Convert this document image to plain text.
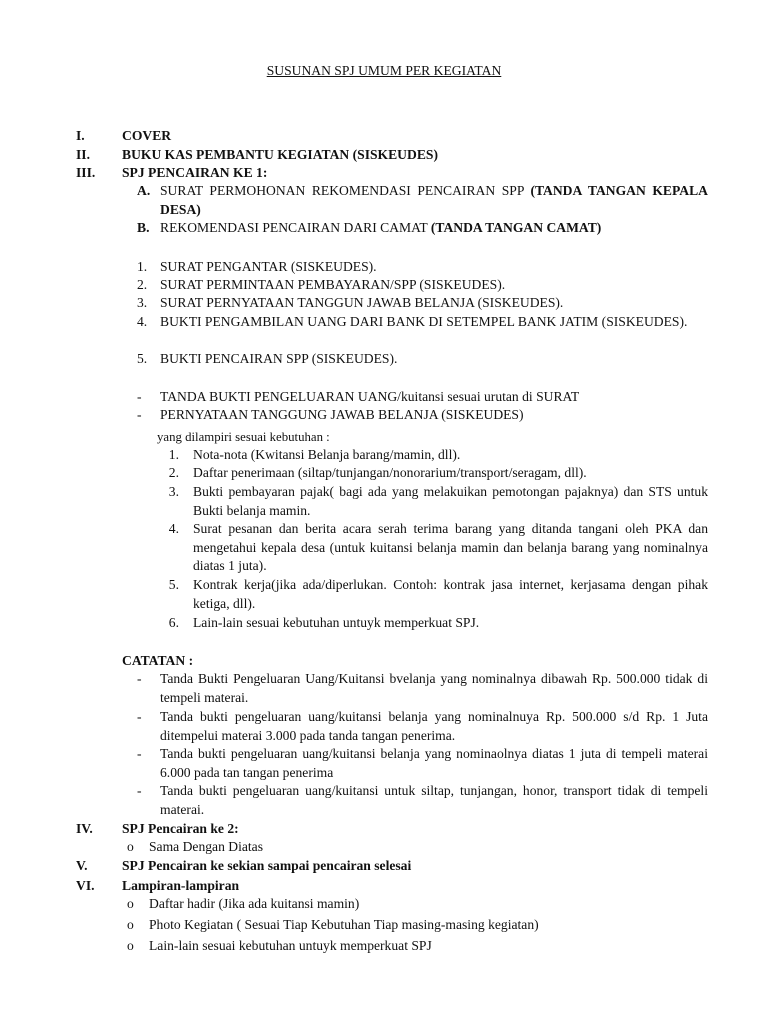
SUSUNAN SPJ UMUM PER KEGIATAN
I.	COVER
II.	BUKU KAS PEMBANTU KEGIATAN (SISKEUDES)
III.	SPJ PENCAIRAN KE 1:
A. SURAT PERMOHONAN REKOMENDASI PENCAIRAN SPP (TANDA TANGAN KEPALA DESA)
B. REKOMENDASI PENCAIRAN DARI CAMAT (TANDA TANGAN CAMAT)
1. SURAT PENGANTAR (SISKEUDES).
2. SURAT PERMINTAAN PEMBAYARAN/SPP (SISKEUDES).
3. SURAT PERNYATAAN TANGGUN JAWAB BELANJA (SISKEUDES).
4. BUKTI PENGAMBILAN UANG DARI BANK DI SETEMPEL BANK JATIM (SISKEUDES).
5. BUKTI PENCAIRAN SPP (SISKEUDES).
- TANDA BUKTI PENGELUARAN UANG/kuitansi sesuai urutan di SURAT
- PERNYATAAN TANGGUNG JAWAB BELANJA (SISKEUDES)
yang dilampiri sesuai kebutuhan :
1. Nota-nota (Kwitansi Belanja barang/mamin, dll).
2. Daftar penerimaan (siltap/tunjangan/nonorarium/transport/seragam, dll).
3. Bukti pembayaran pajak( bagi ada yang melakuikan pemotongan pajaknya) dan STS untuk Bukti belanja mamin.
4. Surat pesanan dan berita acara serah terima barang yang ditanda tangani oleh PKA dan mengetahui kepala desa (untuk kuitansi belanja mamin dan belanja barang yang nominalnya diatas 1 juta).
5. Kontrak kerja(jika ada/diperlukan. Contoh: kontrak jasa internet, kerjasama dengan pihak ketiga, dll).
6. Lain-lain sesuai kebutuhan untuyk memperkuat SPJ.
CATATAN :
- Tanda Bukti Pengeluaran Uang/Kuitansi bvelanja yang nominalnya dibawah Rp. 500.000 tidak di tempeli materai.
- Tanda bukti pengeluaran uang/kuitansi belanja yang nominalnuya Rp. 500.000 s/d Rp. 1 Juta ditempelui materai 3.000 pada tanda tangan penerima.
- Tanda bukti pengeluaran uang/kuitansi belanja yang nominaolnya diatas 1 juta di tempeli materai 6.000 pada tan tangan penerima
- Tanda bukti pengeluaran uang/kuitansi untuk siltap, tunjangan, honor, transport tidak di tempeli materai.
IV.	SPJ Pencairan ke 2:
o Sama Dengan Diatas
V.	SPJ Pencairan ke sekian sampai pencairan selesai
VI.	Lampiran-lampiran
o Daftar hadir (Jika ada kuitansi mamin)
o Photo Kegiatan ( Sesuai Tiap Kebutuhan Tiap masing-masing kegiatan)
o Lain-lain sesuai kebutuhan untuyk memperkuat SPJ
